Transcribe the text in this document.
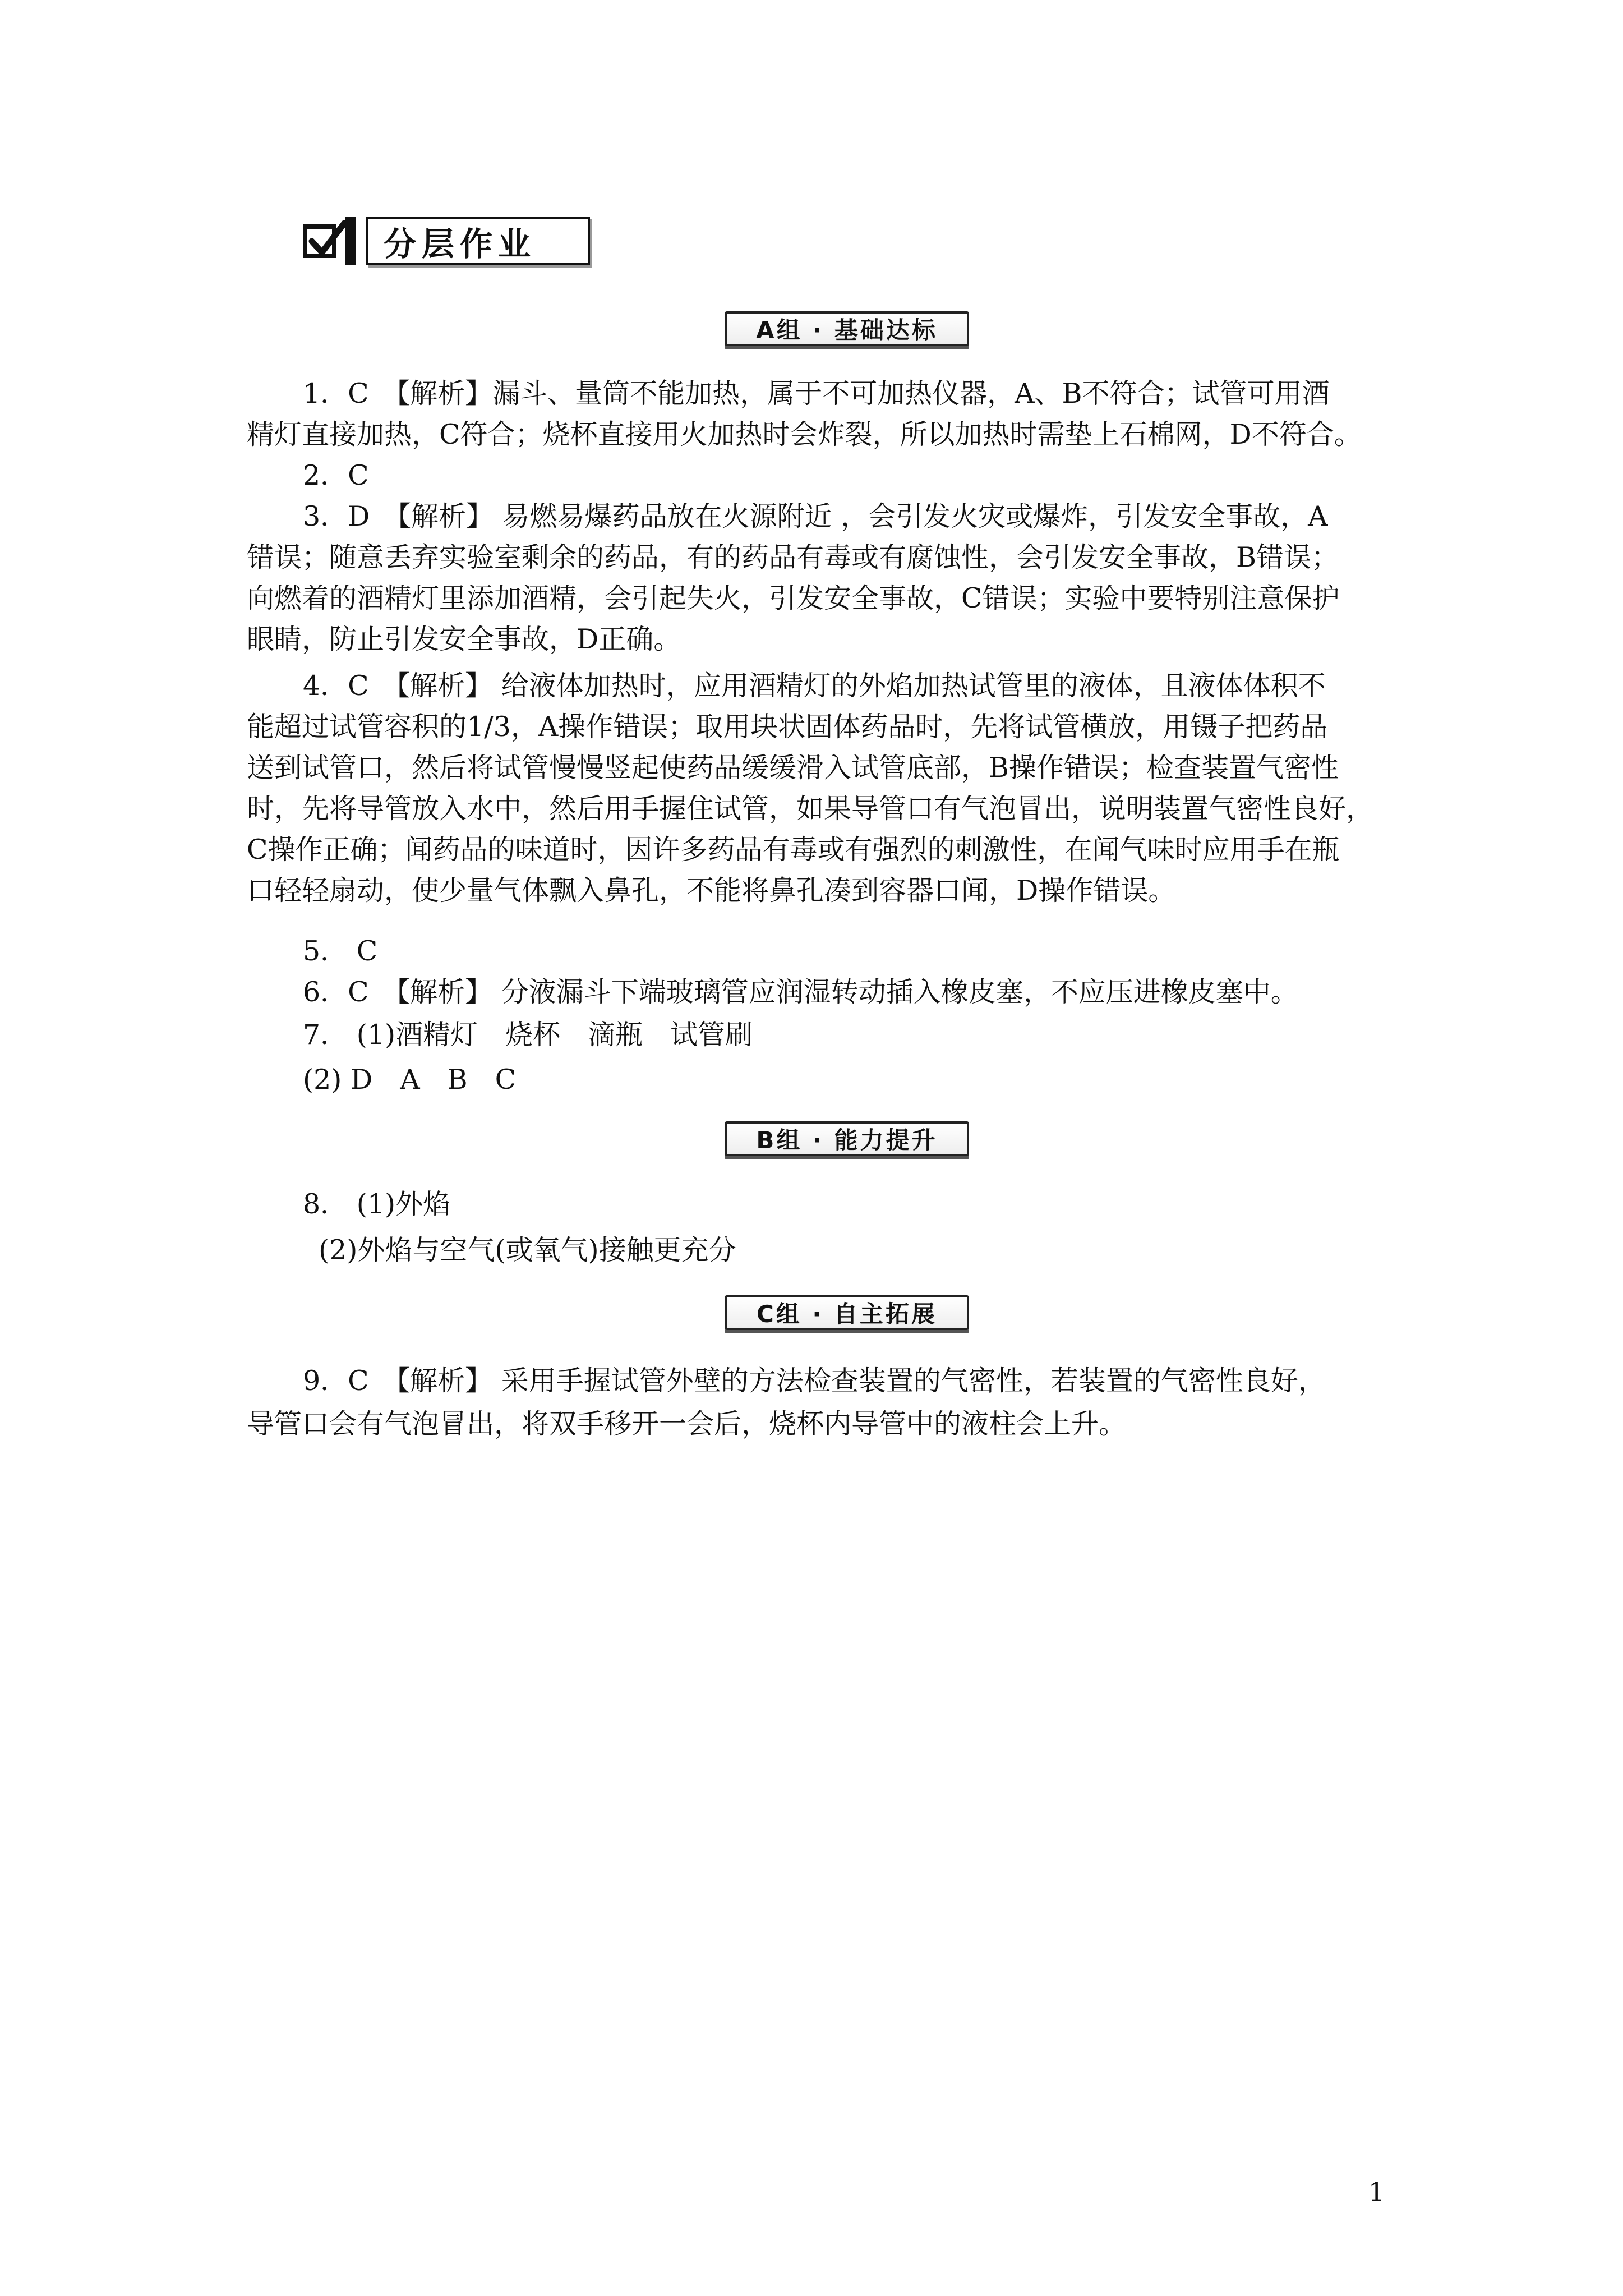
分层作业
A组 · 基础达标
B组 · 能力提升
C组 · 自主拓展
1．C　【解析】漏斗、量筒不能加热，属于不可加热仪器，A、B不符合；试管可用酒
精灯直接加热，C符合；烧杯直接用火加热时会炸裂，所以加热时需垫上石棉网，D不符合。
2．C
3．D　【解析】 易燃易爆药品放在火源附近 ，会引发火灾或爆炸，引发安全事故，A
错误；随意丢弃实验室剩余的药品，有的药品有毒或有腐蚀性，会引发安全事故，B错误；
向燃着的酒精灯里添加酒精，会引起失火，引发安全事故，C错误；实验中要特别注意保护
眼睛，防止引发安全事故，D正确。
4．C　【解析】 给液体加热时，应用酒精灯的外焰加热试管里的液体，且液体体积不
能超过试管容积的1/3，A操作错误；取用块状固体药品时，先将试管横放，用镊子把药品
送到试管口，然后将试管慢慢竖起使药品缓缓滑入试管底部，B操作错误；检查装置气密性
时，先将导管放入水中，然后用手握住试管，如果导管口有气泡冒出，说明装置气密性良好，
C操作正确；闻药品的味道时，因许多药品有毒或有强烈的刺激性，在闻气味时应用手在瓶
口轻轻扇动，使少量气体飘入鼻孔，不能将鼻孔凑到容器口闻，D操作错误。
5． C
6．C　【解析】 分液漏斗下端玻璃管应润湿转动插入橡皮塞，不应压进橡皮塞中。
7． (1)酒精灯　烧杯　滴瓶　试管刷
(2) D　A　B　C
8． (1)外焰
(2)外焰与空气(或氧气)接触更充分
9．C　【解析】 采用手握试管外壁的方法检查装置的气密性，若装置的气密性良好，
导管口会有气泡冒出，将双手移开一会后，烧杯内导管中的液柱会上升。
1
